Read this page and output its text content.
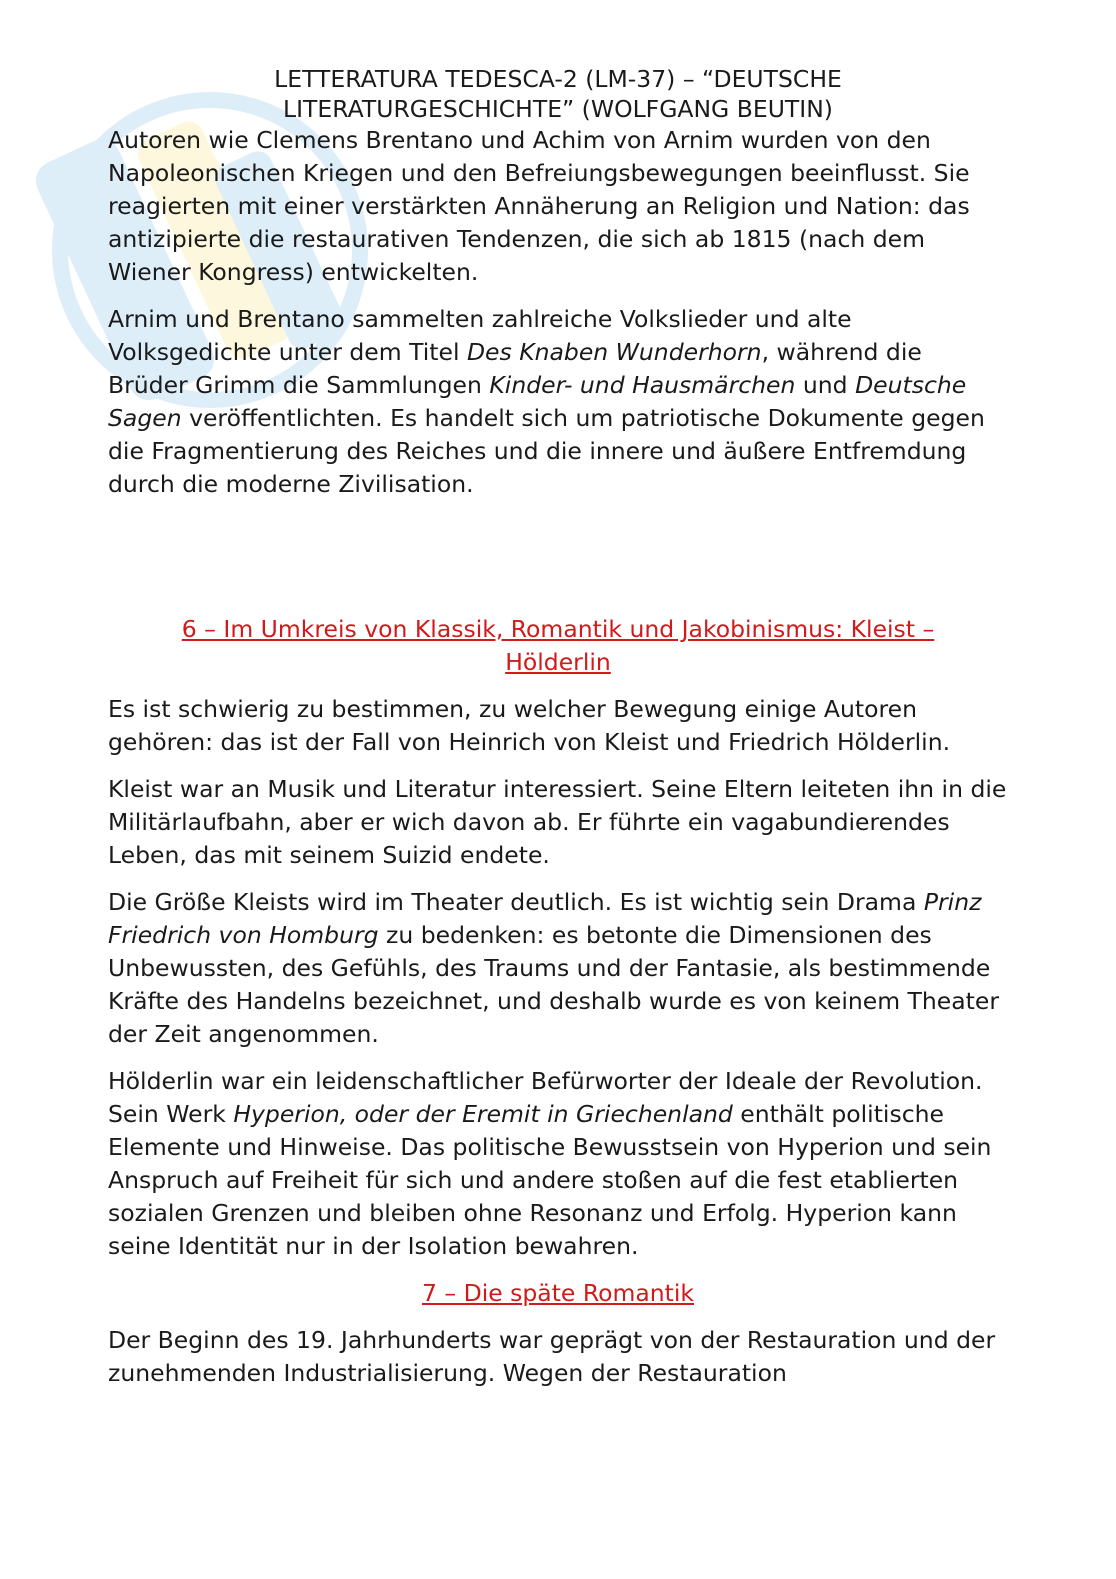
LETTERATURA TEDESCA-2 (LM-37) – “DEUTSCHE
LITERATURGESCHICHTE” (WOLFGANG BEUTIN)

Autoren wie Clemens Brentano und Achim von Arnim wurden von den Napoleonischen Kriegen und den Befreiungsbewegungen beeinflusst. Sie reagierten mit einer verstärkten Annäherung an Religion und Nation: das antizipierte die restaurativen Tendenzen, die sich ab 1815 (nach dem Wiener Kongress) entwickelten.

Arnim und Brentano sammelten zahlreiche Volkslieder und alte Volksgedichte unter dem Titel Des Knaben Wunderhorn, während die Brüder Grimm die Sammlungen Kinder- und Hausmärchen und Deutsche Sagen veröffentlichten. Es handelt sich um patriotische Dokumente gegen die Fragmentierung des Reiches und die innere und äußere Entfremdung durch die moderne Zivilisation.

6 – Im Umkreis von Klassik, Romantik und Jakobinismus: Kleist – Hölderlin

Es ist schwierig zu bestimmen, zu welcher Bewegung einige Autoren gehören: das ist der Fall von Heinrich von Kleist und Friedrich Hölderlin.

Kleist war an Musik und Literatur interessiert. Seine Eltern leiteten ihn in die Militärlaufbahn, aber er wich davon ab. Er führte ein vagabundierendes Leben, das mit seinem Suizid endete.

Die Größe Kleists wird im Theater deutlich. Es ist wichtig sein Drama Prinz Friedrich von Homburg zu bedenken: es betonte die Dimensionen des Unbewussten, des Gefühls, des Traums und der Fantasie, als bestimmende Kräfte des Handelns bezeichnet, und deshalb wurde es von keinem Theater der Zeit angenommen.

Hölderlin war ein leidenschaftlicher Befürworter der Ideale der Revolution. Sein Werk Hyperion, oder der Eremit in Griechenland enthält politische Elemente und Hinweise. Das politische Bewusstsein von Hyperion und sein Anspruch auf Freiheit für sich und andere stoßen auf die fest etablierten sozialen Grenzen und bleiben ohne Resonanz und Erfolg. Hyperion kann seine Identität nur in der Isolation bewahren.

7 – Die späte Romantik

Der Beginn des 19. Jahrhunderts war geprägt von der Restauration und der zunehmenden Industrialisierung. Wegen der Restauration
